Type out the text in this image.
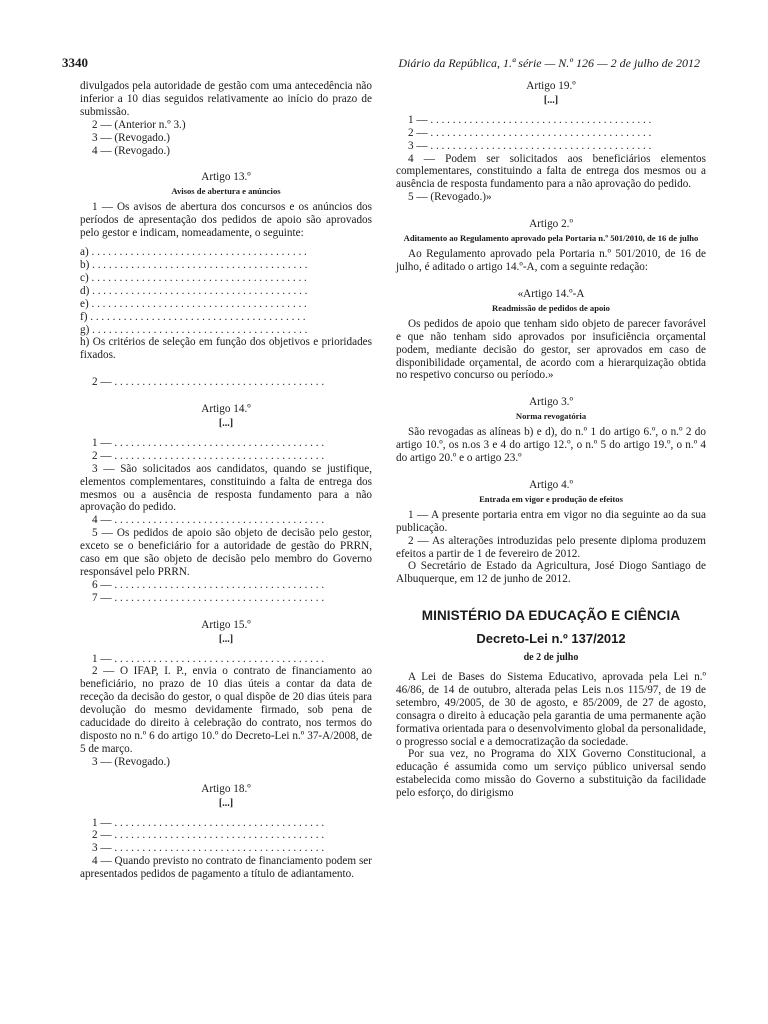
3340	Diário da República, 1.ª série — N.º 126 — 2 de julho de 2012

divulgados pela autoridade de gestão com uma antecedência não inferior a 10 dias seguidos relativamente ao início do prazo de submissão.

2 — (Anterior n.º 3.)

3 — (Revogado.)

4 — (Revogado.)

Artigo 13.º
Avisos de abertura e anúncios

1 — Os avisos de abertura dos concursos e os anúncios dos períodos de apresentação dos pedidos de apoio são aprovados pelo gestor e indicam, nomeadamente, o seguinte:

a) . . . . . . . . . . . . . . . . . . . . . . . . . . . . . . . . . . . . . . .

b) . . . . . . . . . . . . . . . . . . . . . . . . . . . . . . . . . . . . . . .

c) . . . . . . . . . . . . . . . . . . . . . . . . . . . . . . . . . . . . . . .

d) . . . . . . . . . . . . . . . . . . . . . . . . . . . . . . . . . . . . . . .

e) . . . . . . . . . . . . . . . . . . . . . . . . . . . . . . . . . . . . . . .

f) . . . . . . . . . . . . . . . . . . . . . . . . . . . . . . . . . . . . . . .

g) . . . . . . . . . . . . . . . . . . . . . . . . . . . . . . . . . . . . . . .

h) Os critérios de seleção em função dos objetivos e prioridades fixados.

2 — . . . . . . . . . . . . . . . . . . . . . . . . . . . . . . . . . . . . . .

Artigo 14.º
[...]

1 — . . . . . . . . . . . . . . . . . . . . . . . . . . . . . . . . . . . . . .

2 — . . . . . . . . . . . . . . . . . . . . . . . . . . . . . . . . . . . . . .

3 — São solicitados aos candidatos, quando se justifique, elementos complementares, constituindo a falta de entrega dos mesmos ou a ausência de resposta fundamento para a não aprovação do pedido.

4 — . . . . . . . . . . . . . . . . . . . . . . . . . . . . . . . . . . . . . .

5 — Os pedidos de apoio são objeto de decisão pelo gestor, exceto se o beneficiário for a autoridade de gestão do PRRN, caso em que são objeto de decisão pelo membro do Governo responsável pelo PRRN.

6 — . . . . . . . . . . . . . . . . . . . . . . . . . . . . . . . . . . . . . .

7 — . . . . . . . . . . . . . . . . . . . . . . . . . . . . . . . . . . . . . .

Artigo 15.º
[...]

1 — . . . . . . . . . . . . . . . . . . . . . . . . . . . . . . . . . . . . . .

2 — O IFAP, I. P., envia o contrato de financiamento ao beneficiário, no prazo de 10 dias úteis a contar da data de receção da decisão do gestor, o qual dispõe de 20 dias úteis para devolução do mesmo devidamente firmado, sob pena de caducidade do direito à celebração do contrato, nos termos do disposto no n.º 6 do artigo 10.º do Decreto-Lei n.º 37-A/2008, de 5 de março.

3 — (Revogado.)

Artigo 18.º
[...]

1 — . . . . . . . . . . . . . . . . . . . . . . . . . . . . . . . . . . . . . .

2 — . . . . . . . . . . . . . . . . . . . . . . . . . . . . . . . . . . . . . .

3 — . . . . . . . . . . . . . . . . . . . . . . . . . . . . . . . . . . . . . .

4 — Quando previsto no contrato de financiamento podem ser apresentados pedidos de pagamento a título de adiantamento.

Artigo 19.º
[...]

1 — . . . . . . . . . . . . . . . . . . . . . . . . . . . . . . . . . . . . . . . .

2 — . . . . . . . . . . . . . . . . . . . . . . . . . . . . . . . . . . . . . . . .

3 — . . . . . . . . . . . . . . . . . . . . . . . . . . . . . . . . . . . . . . . .

4 — Podem ser solicitados aos beneficiários elementos complementares, constituindo a falta de entrega dos mesmos ou a ausência de resposta fundamento para a não aprovação do pedido.

5 — (Revogado.)»

Artigo 2.º
Aditamento ao Regulamento aprovado pela Portaria n.º 501/2010, de 16 de julho

Ao Regulamento aprovado pela Portaria n.º 501/2010, de 16 de julho, é aditado o artigo 14.º-A, com a seguinte redação:

«Artigo 14.º-A
Readmissão de pedidos de apoio

Os pedidos de apoio que tenham sido objeto de parecer favorável e que não tenham sido aprovados por insuficiência orçamental podem, mediante decisão do gestor, ser aprovados em caso de disponibilidade orçamental, de acordo com a hierarquização obtida no respetivo concurso ou período.»

Artigo 3.º
Norma revogatória

São revogadas as alíneas b) e d), do n.º 1 do artigo 6.º, o n.º 2 do artigo 10.º, os n.os 3 e 4 do artigo 12.º, o n.º 5 do artigo 19.º, o n.º 4 do artigo 20.º e o artigo 23.º

Artigo 4.º
Entrada em vigor e produção de efeitos

1 — A presente portaria entra em vigor no dia seguinte ao da sua publicação.

2 — As alterações introduzidas pelo presente diploma produzem efeitos a partir de 1 de fevereiro de 2012.

O Secretário de Estado da Agricultura, José Diogo Santiago de Albuquerque, em 12 de junho de 2012.

MINISTÉRIO DA EDUCAÇÃO E CIÊNCIA
Decreto-Lei n.º 137/2012
de 2 de julho

A Lei de Bases do Sistema Educativo, aprovada pela Lei n.º 46/86, de 14 de outubro, alterada pelas Leis n.os 115/97, de 19 de setembro, 49/2005, de 30 de agosto, e 85/2009, de 27 de agosto, consagra o direito à educação pela garantia de uma permanente ação formativa orientada para o desenvolvimento global da personalidade, o progresso social e a democratização da sociedade.

Por sua vez, no Programa do XIX Governo Constitucional, a educação é assumida como um serviço público universal sendo estabelecida como missão do Governo a substituição da facilidade pelo esforço, do dirigismo
